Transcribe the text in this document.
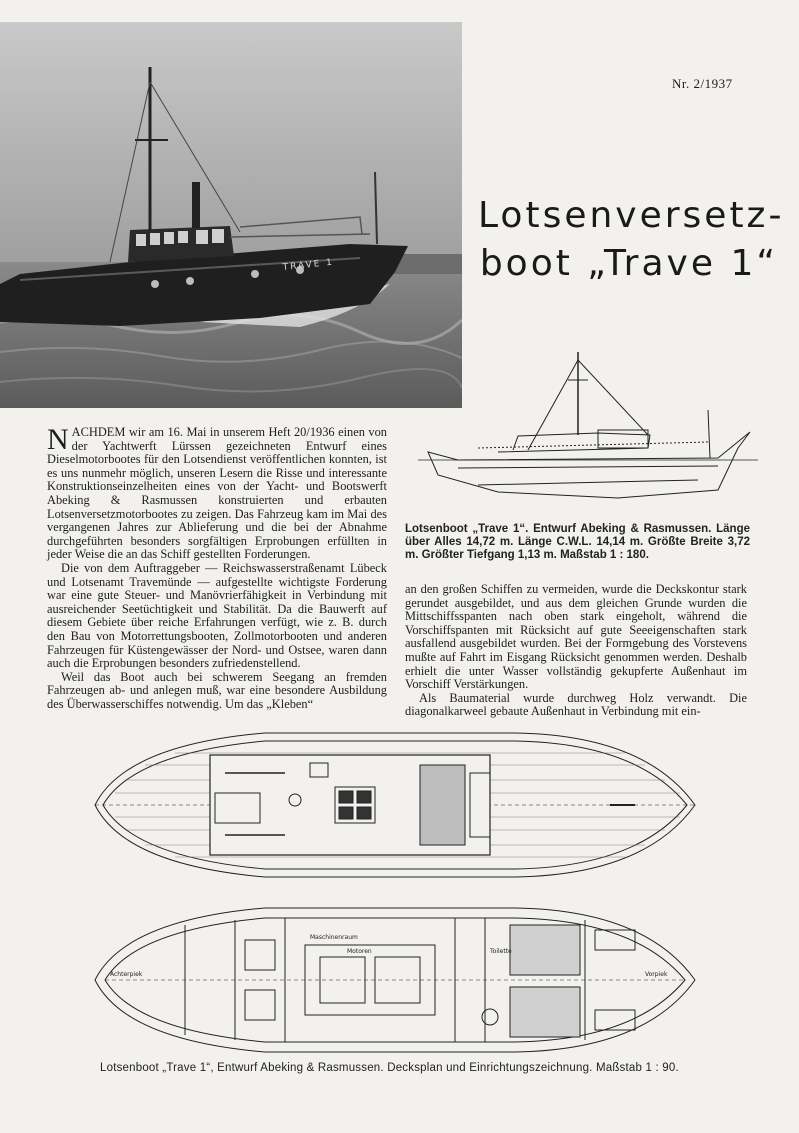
TRAVE 1
Nr. 2/1937
Lotsenversetz-
boot „Trave 1“
Lotsenboot „Trave 1“. Entwurf Abeking & Rasmussen. Länge über Alles 14,72 m. Länge C.W.L. 14,14 m. Größte Breite 3,72 m. Größter Tiefgang 1,13 m. Maßstab 1 : 180.

NACHDEM wir am 16. Mai in unserem Heft 20/1936 einen von der Yachtwerft Lürssen gezeichneten Entwurf eines Dieselmotorbootes für den Lotsendienst veröffentlichen konnten, ist es uns nunmehr möglich, unseren Lesern die Risse und interessante Konstruktionseinzelheiten eines von der Yacht- und Bootswerft Abeking & Rasmussen konstruierten und erbauten Lotsenversetzmotorbootes zu zeigen. Das Fahrzeug kam im Mai des vergangenen Jahres zur Ablieferung und die bei der Abnahme durchgeführten besonders sorgfältigen Erprobungen erfüllten in jeder Weise die an das Schiff gestellten Forderungen.

Die von dem Auftraggeber — Reichswasserstraßenamt Lübeck und Lotsenamt Travemünde — aufgestellte wichtigste Forderung war eine gute Steuer- und Manövrierfähigkeit in Verbindung mit ausreichender Seetüchtigkeit und Stabilität. Da die Bauwerft auf diesem Gebiete über reiche Erfahrungen verfügt, wie z. B. durch den Bau von Motorrettungsbooten, Zollmotorbooten und anderen Fahrzeugen für Küstengewässer der Nord- und Ostsee, waren dann auch die Erprobungen besonders zufriedenstellend.

Weil das Boot auch bei schwerem Seegang an fremden Fahrzeugen ab- und anlegen muß, war eine besondere Ausbildung des Überwasserschiffes notwendig. Um das „Kleben“

an den großen Schiffen zu vermeiden, wurde die Deckskontur stark gerundet ausgebildet, und aus dem gleichen Grunde wurden die Mittschiffsspanten nach oben stark eingeholt, während die Vorschiffspanten mit Rücksicht auf gute Seeeigenschaften stark ausfallend ausgebildet wurden. Bei der Formgebung des Vorstevens mußte auf Fahrt im Eisgang Rücksicht genommen werden. Deshalb erhielt die unter Wasser vollständig gekupferte Außenhaut im Vorschiff Verstärkungen.

Als Baumaterial wurde durchweg Holz verwandt. Die diagonalkarweel gebaute Außenhaut in Verbindung mit ein-

Achterpiek
Maschinenraum
Motoren	Toilette
Vorpiek
Lotsenboot „Trave 1“, Entwurf Abeking & Rasmussen. Decksplan und Einrichtungszeichnung. Maßstab 1 : 90.
